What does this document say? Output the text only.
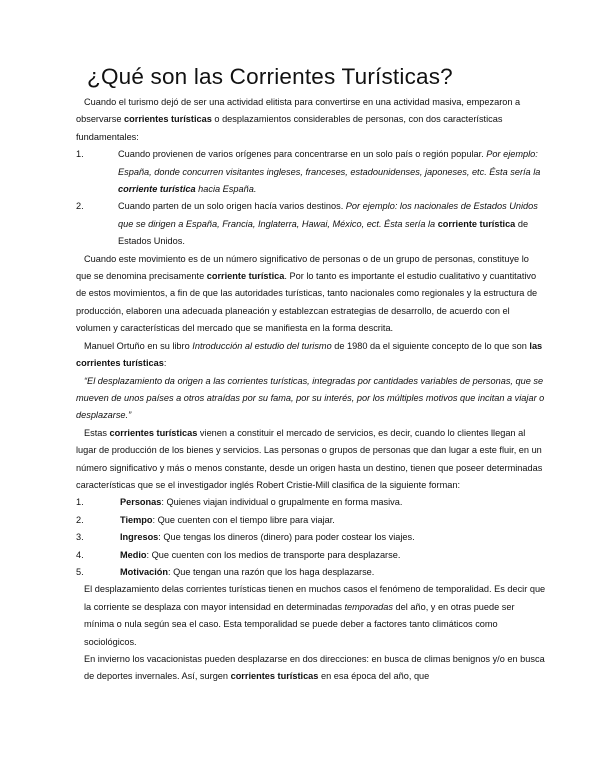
¿Qué son las Corrientes Turísticas?

Cuando el turismo dejó de ser una actividad elitista para convertirse en una actividad masiva, empezaron a observarse corrientes turísticas o desplazamientos considerables de personas, con dos características fundamentales:

1.	Cuando provienen de varios orígenes para concentrarse en un solo país o región popular. Por ejemplo: España, donde concurren visitantes ingleses, franceses, estadounidenses, japoneses, etc. Ésta sería la corriente turística hacia España.
2.	Cuando parten de un solo origen hacía varios destinos. Por ejemplo: los nacionales de Estados Unidos que se dirigen a España, Francia, Inglaterra, Hawai, México, ect. Ésta sería la corriente turística de Estados Unidos.

Cuando este movimiento es de un número significativo de personas o de un grupo de personas, constituye lo que se denomina precisamente corriente turística. Por lo tanto es importante el estudio cualitativo y cuantitativo de estos movimientos, a fin de que las autoridades turísticas, tanto nacionales como regionales y la estructura de producción, elaboren una adecuada planeación y establezcan estrategias de desarrollo, de acuerdo con el volumen y características del mercado que se manifiesta en la forma descrita.

Manuel Ortuño en su libro Introducción al estudio del turismo de 1980 da el siguiente concepto de lo que son las corrientes turísticas:

“El desplazamiento da origen a las corrientes turísticas, integradas por cantidades variables de personas, que se mueven de unos países a otros atraídas por su fama, por su interés, por los múltiples motivos que incitan a viajar o desplazarse.”

Estas corrientes turísticas vienen a constituir el mercado de servicios, es decir, cuando lo clientes llegan al lugar de producción de los bienes y servicios. Las personas o grupos de personas que dan lugar a este fluir, en un número significativo y más o menos constante, desde un origen hasta un destino, tienen que poseer determinadas características que se el investigador inglés Robert Cristie-Mill clasifica de la siguiente forman:

1.	Personas: Quienes viajan individual o grupalmente en forma masiva.
2.	Tiempo: Que cuenten con el tiempo libre para viajar.
3.	Ingresos: Que tengas los dineros (dinero) para poder costear los viajes.
4.	Medio: Que cuenten con los medios de transporte para desplazarse.
5.	Motivación: Que tengan una razón que los haga desplazarse.

El desplazamiento delas corrientes turísticas tienen en muchos casos el fenómeno de temporalidad. Es decir que la corriente se desplaza con mayor intensidad en determinadas temporadas del año, y en otras puede ser mínima o nula según sea el caso. Esta temporalidad se puede deber a factores tanto climáticos como sociológicos.

En invierno los vacacionistas pueden desplazarse en dos direcciones: en busca de climas benignos y/o en busca de deportes invernales. Así, surgen corrientes turísticas en esa época del año, que
